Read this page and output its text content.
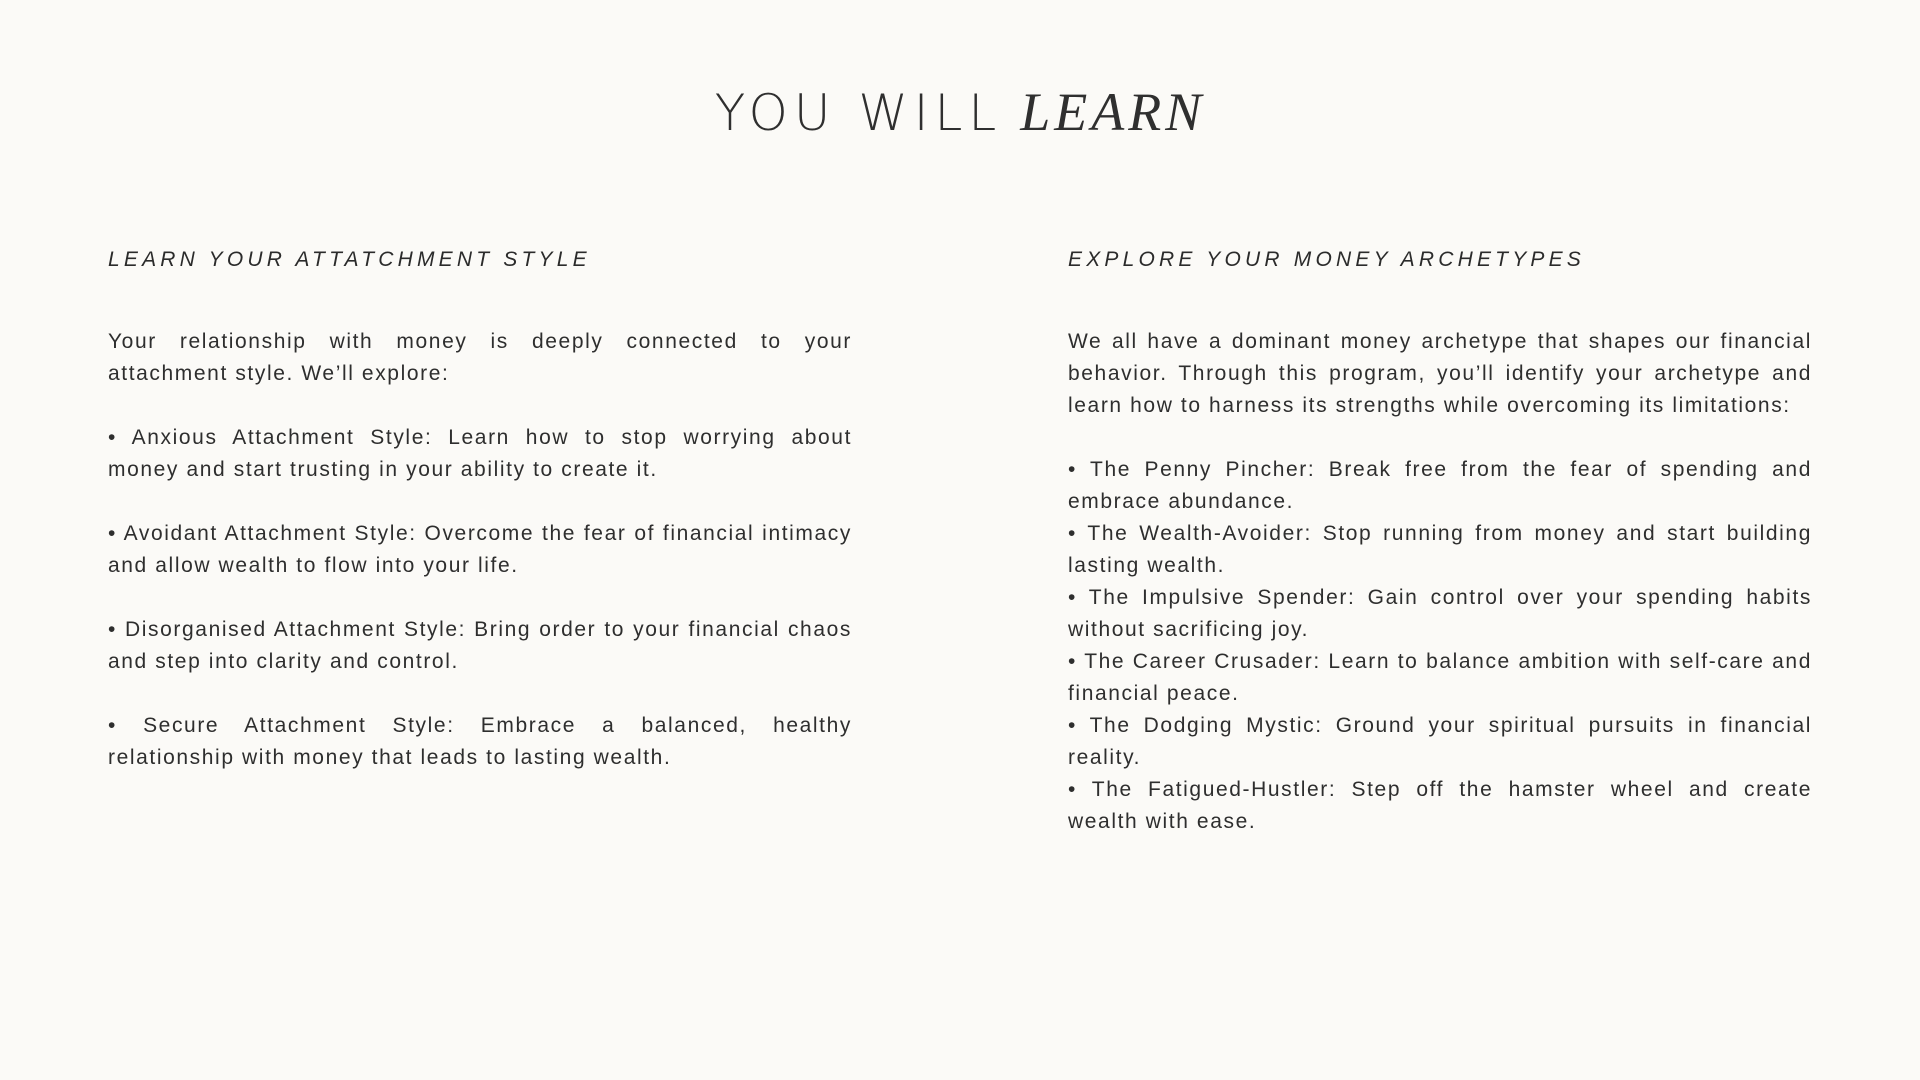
YOU WILL LEARN
LEARN YOUR ATTATCHMENT STYLE

Your relationship with money is deeply connected to your attachment style. We’ll explore:

• Anxious Attachment Style: Learn how to stop worrying about money and start trusting in your ability to create it.
• Avoidant Attachment Style: Overcome the fear of financial intimacy and allow wealth to flow into your life.
• Disorganised Attachment Style: Bring order to your financial chaos and step into clarity and control.
• Secure Attachment Style: Embrace a balanced, healthy relationship with money that leads to lasting wealth.
EXPLORE YOUR MONEY ARCHETYPES

We all have a dominant money archetype that shapes our financial behavior. Through this program, you’ll identify your archetype and learn how to harness its strengths while overcoming its limitations:

• The Penny Pincher: Break free from the fear of spending and embrace abundance.
• The Wealth-Avoider: Stop running from money and start building lasting wealth.
• The Impulsive Spender: Gain control over your spending habits without sacrificing joy.
• The Career Crusader: Learn to balance ambition with self-care and financial peace.
• The Dodging Mystic: Ground your spiritual pursuits in financial reality.
• The Fatigued-Hustler: Step off the hamster wheel and create wealth with ease.
